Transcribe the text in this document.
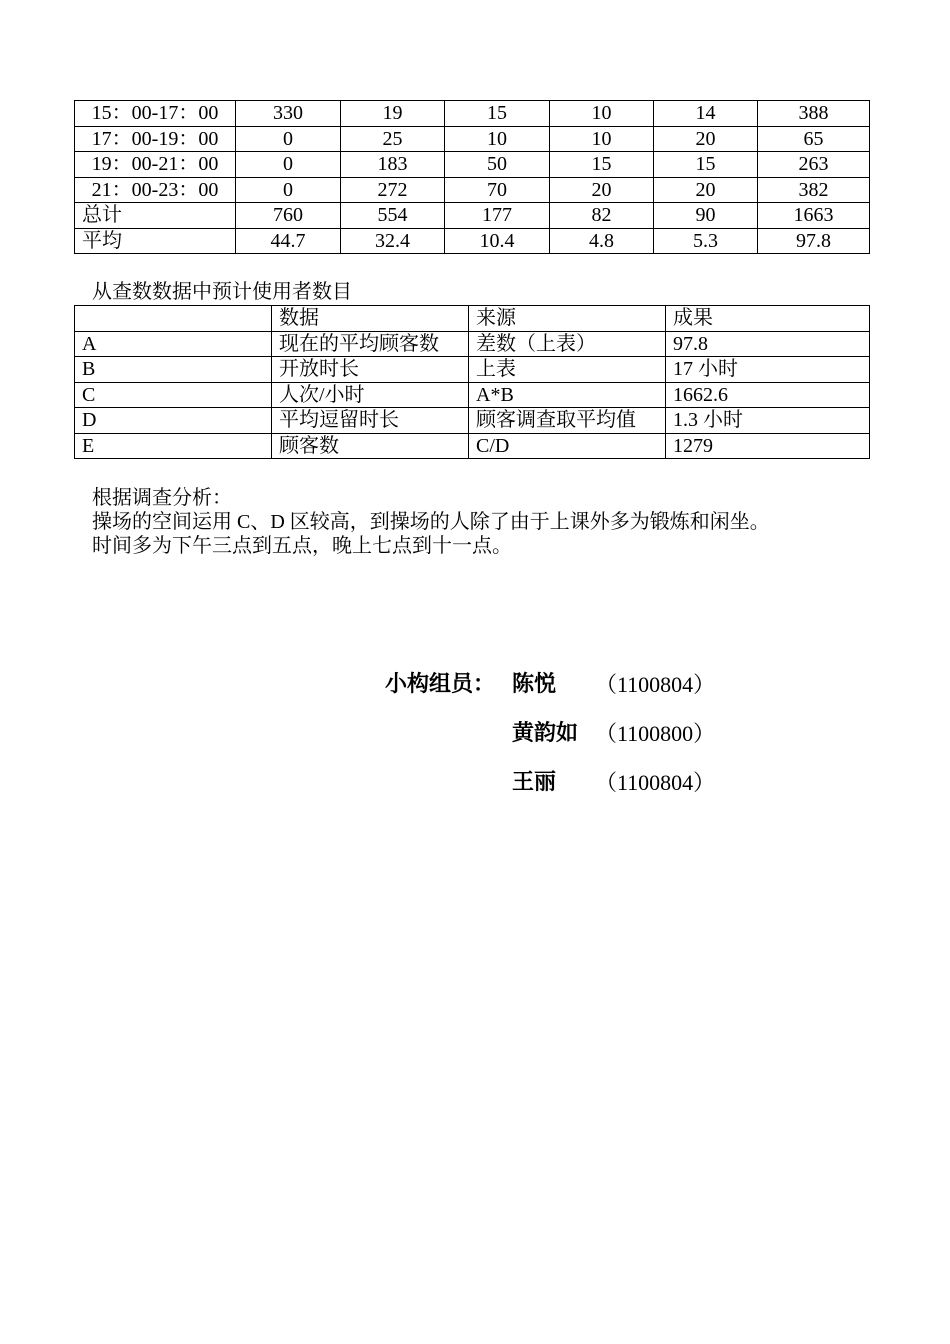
15：00-17：00	330	19	15	10	14	388
17：00-19：00	0	25	10	10	20	65
19：00-21：00	0	183	50	15	15	263
21：00-23：00	0	272	70	20	20	382
总计	760	554	177	82	90	1663
平均	44.7	32.4	10.4	4.8	5.3	97.8
从查数数据中预计使用者数目
	数据	来源	成果
A	现在的平均顾客数	差数（上表）	97.8
B	开放时长	上表	17 小时
C	人次/小时	A*B	1662.6
D	平均逗留时长	顾客调查取平均值	1.3 小时
E	顾客数	C/D	1279
根据调查分析：
操场的空间运用 C、D 区较高，到操场的人除了由于上课外多为锻炼和闲坐。
时间多为下午三点到五点，晚上七点到十一点。
小构组员： 陈悦 （1100804）
黄韵如 （1100800）
王丽 （1100804）
